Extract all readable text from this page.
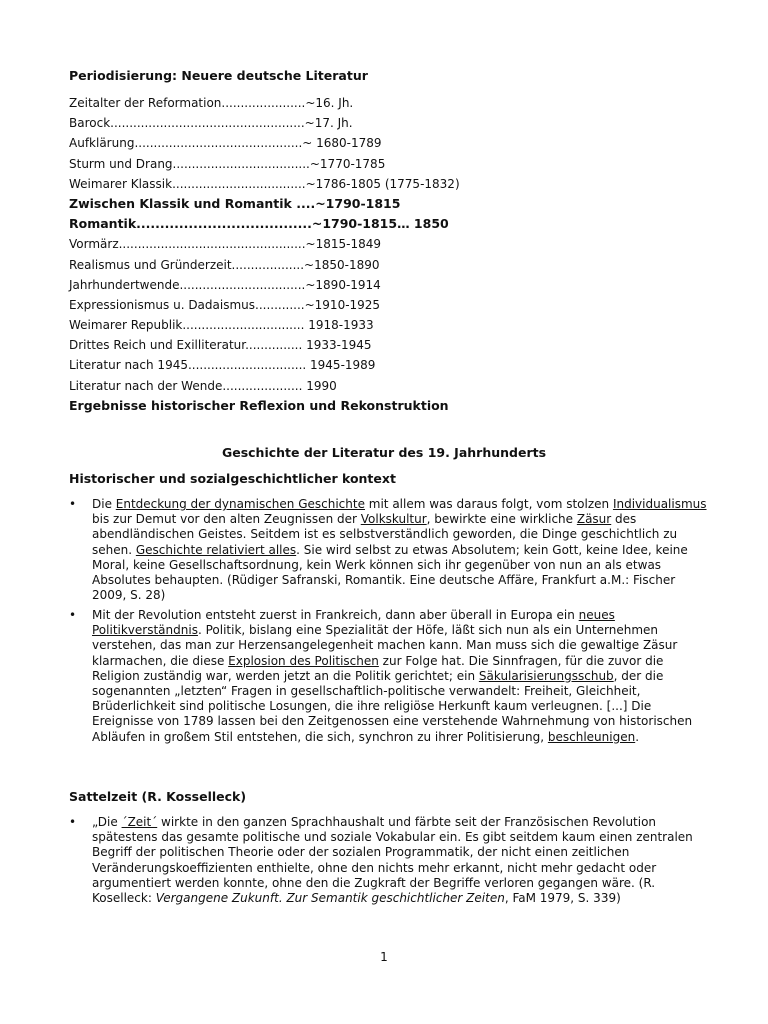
Periodisierung: Neuere deutsche Literatur
Zeitalter der Reformation......................~16. Jh.
Barock...................................................~17. Jh.
Aufklärung............................................~ 1680-1789
Sturm und Drang....................................~1770-1785
Weimarer Klassik...................................~1786-1805 (1775-1832)
Zwischen Klassik und Romantik ....~1790-1815
Romantik.....................................~1790-1815… 1850
Vormärz.................................................~1815-1849
Realismus und Gründerzeit...................~1850-1890
Jahrhundertwende.................................~1890-1914
Expressionismus u. Dadaismus.............~1910-1925
Weimarer Republik................................ 1918-1933
Drittes Reich und Exilliteratur............... 1933-1945
Literatur nach 1945............................... 1945-1989
Literatur nach der Wende..................... 1990
Ergebnisse historischer Reflexion und Rekonstruktion
Geschichte der Literatur des 19. Jahrhunderts
Historischer und sozialgeschichtlicher kontext
• Die Entdeckung der dynamischen Geschichte mit allem was daraus folgt, vom stolzen Individualismus bis zur Demut vor den alten Zeugnissen der Volkskultur, bewirkte eine wirkliche Zäsur des abendländischen Geistes. Seitdem ist es selbstverständlich geworden, die Dinge geschichtlich zu sehen. Geschichte relativiert alles. Sie wird selbst zu etwas Absolutem; kein Gott, keine Idee, keine Moral, keine Gesellschaftsordnung, kein Werk können sich ihr gegenüber von nun an als etwas Absolutes behaupten. (Rüdiger Safranski, Romantik. Eine deutsche Affäre, Frankfurt a.M.: Fischer 2009, S. 28)
• Mit der Revolution entsteht zuerst in Frankreich, dann aber überall in Europa ein neues Politikverständnis. Politik, bislang eine Spezialität der Höfe, läßt sich nun als ein Unternehmen verstehen, das man zur Herzensangelegenheit machen kann. Man muss sich die gewaltige Zäsur klarmachen, die diese Explosion des Politischen zur Folge hat. Die Sinnfragen, für die zuvor die Religion zuständig war, werden jetzt an die Politik gerichtet; ein Säkularisierungsschub, der die sogenannten „letzten“ Fragen in gesellschaftlich-politische verwandelt: Freiheit, Gleichheit, Brüderlichkeit sind politische Losungen, die ihre religiöse Herkunft kaum verleugnen. [...] Die Ereignisse von 1789 lassen bei den Zeitgenossen eine verstehende Wahrnehmung von historischen Abläufen in großem Stil entstehen, die sich, synchron zu ihrer Politisierung, beschleunigen.
Sattelzeit (R. Kosselleck)
• „Die ´Zeit´ wirkte in den ganzen Sprachhaushalt und färbte seit der Französischen Revolution spätestens das gesamte politische und soziale Vokabular ein. Es gibt seitdem kaum einen zentralen Begriff der politischen Theorie oder der sozialen Programmatik, der nicht einen zeitlichen Veränderungskoeffizienten enthielte, ohne den nichts mehr erkannt, nicht mehr gedacht oder argumentiert werden konnte, ohne den die Zugkraft der Begriffe verloren gegangen wäre. (R. Koselleck: Vergangene Zukunft. Zur Semantik geschichtlicher Zeiten, FaM 1979, S. 339)
1
